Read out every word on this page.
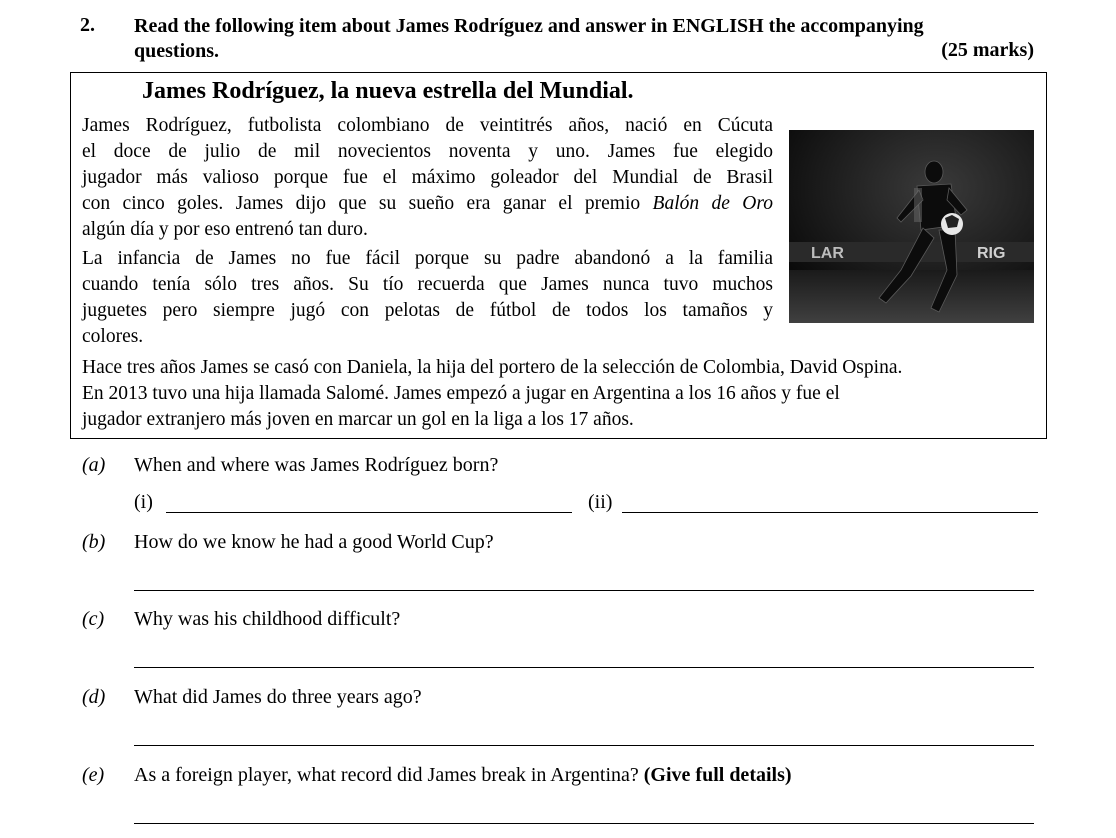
2. Read the following item about James Rodríguez and answer in ENGLISH the accompanying
questions.	(25 marks)
James Rodríguez, la nueva estrella del Mundial.
James Rodríguez, futbolista colombiano de veintitrés años, nació en Cúcuta
el doce de julio de mil novecientos noventa y uno. James fue elegido
jugador más valioso porque fue el máximo goleador del Mundial de Brasil
con cinco goles. James dijo que su sueño era ganar el premio Balón de Oro
algún día y por eso entrenó tan duro.
La infancia de James no fue fácil porque su padre abandonó a la familia
cuando tenía sólo tres años. Su tío recuerda que James nunca tuvo muchos
juguetes pero siempre jugó con pelotas de fútbol de todos los tamaños y
colores.
Hace tres años James se casó con Daniela, la hija del portero de la selección de Colombia, David Ospina.
En 2013 tuvo una hija llamada Salomé. James empezó a jugar en Argentina a los 16 años y fue el
jugador extranjero más joven en marcar un gol en la liga a los 17 años.
LAR	RIG
(a) When and where was James Rodríguez born?
(i)	(ii)
(b) How do we know he had a good World Cup?
(c) Why was his childhood difficult?
(d) What did James do three years ago?
(e) As a foreign player, what record did James break in Argentina? (Give full details)
